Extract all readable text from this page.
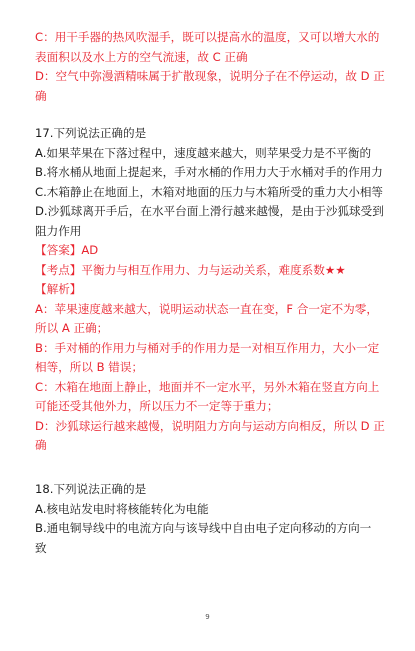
C：用干手器的热风吹湿手，既可以提高水的温度，又可以增大水的
表面积以及水上方的空气流速，故 C 正确
D：空气中弥漫酒精味属于扩散现象，说明分子在不停运动，故 D 正
确
17.下列说法正确的是
A.如果苹果在下落过程中，速度越来越大，则苹果受力是不平衡的
B.将水桶从地面上提起来，手对水桶的作用力大于水桶对手的作用力
C.木箱静止在地面上，木箱对地面的压力与木箱所受的重力大小相等
D.沙狐球离开手后，在水平台面上滑行越来越慢，是由于沙狐球受到
阻力作用
【答案】AD
【考点】平衡力与相互作用力、力与运动关系，难度系数★★
【解析】
A：苹果速度越来越大，说明运动状态一直在变，F 合一定不为零，
所以 A 正确；
B：手对桶的作用力与桶对手的作用力是一对相互作用力，大小一定
相等，所以 B 错误；
C：木箱在地面上静止，地面并不一定水平，另外木箱在竖直方向上
可能还受其他外力，所以压力不一定等于重力；
D：沙狐球运行越来越慢，说明阻力方向与运动方向相反，所以 D 正
确
18.下列说法正确的是
A.核电站发电时将核能转化为电能
B.通电铜导线中的电流方向与该导线中自由电子定向移动的方向一
致
9
